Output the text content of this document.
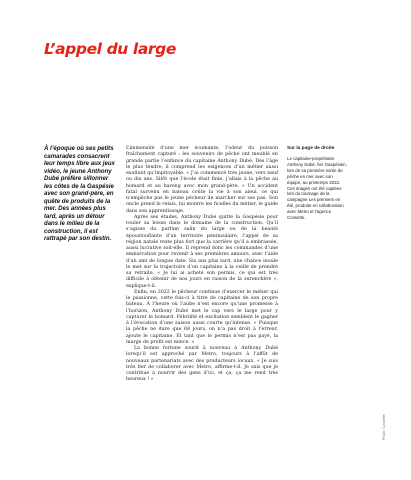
L’appel du large

À l’époque où ses petits camarades consacrent leur temps libre aux jeux vidéo, le jeune Anthony Dubé préfère sillonner les côtes de la Gaspésie avec son grand-père, en quête de produits de la mer. Des années plus tard, après un détour dans le milieu de la construction, il est rattrapé par son destin.

L’immensité d’une mer écumante, l’odeur du poisson fraîchement capturé : les souvenirs de pêche ont meublé en grande partie l’enfance du capitaine Anthony Dubé. Dès l’âge le plus tendre, il comprend les exigences d’un métier aussi exaltant qu’impitoyable. « J’ai commencé très jeune, vers neuf ou dix ans. Sitôt que l’école était finie, j’allais à la pêche au homard et au hareng avec mon grand-père. » Un accident fatal survenu en bateau coûte la vie à son aïeul, ce qui n’empêche pas le jeune pêcheur de marcher sur ses pas. Son oncle prend le relais, lui montre les ficelles du métier, le guide dans son apprentissage.

Après ses études, Anthony Dubé quitte la Gaspésie pour rouler sa bosse dans le domaine de la construction. Qu’il s’agisse du parfum salin du large ou de la beauté époustouflante d’un territoire péninsulaire, l’appel de sa région natale reste plus fort que la carrière qu’il a embrassée, aussi lucrative soit-elle. Il reprend donc les commandes d’une embarcation pour revenir à ses premières amours, avec l’aide d’un ami de longue date. Six ans plus tard, une chance inouïe le met sur la trajectoire d’un capitaine à la veille de prendre sa retraite. « Je lui ai acheté son permis, ce qui est très difficile à obtenir de nos jours en raison de la surenchère », explique-t-il.

Enfin, en 2022 le pêcheur continue d’exercer le métier qui le passionne, cette fois-ci à titre de capitaine de son propre bateau. À l’heure où l’aube n’est encore qu’une promesse à l’horizon, Anthony Dubé met le cap vers le large pour y capturer le homard. Fébrilité et excitation semblent le gagner à l’évocation d’une saison aussi courte qu’intense. « Puisque la pêche ne dure que 68 jours, on n’a pas droit à l’erreur, ajoute le capitaine. Et tant que le permis n’est pas payé, la marge de profit est mince. »

La bonne fortune sourit à nouveau à Anthony Dubé lorsqu’il est approché par Metro, toujours à l’affût de nouveaux partenariats avec des producteurs locaux. « Je suis très fier de collaborer avec Metro, affirme-t-il. Je sais que je contribue à nourrir des gens d’ici, et ça, ça me rend très heureux ! »

Sur la page de droite

Le capitaine-propriétaire Anthony Dubé, fier Gaspésien, lors de sa première sortie de pêche en mer avec son équipe, au printemps 2022. Ces images ont été captées lors du tournage de la campagne Les premiers en été, produite en collaboration avec Metro et l’agence Cossette.

Photo: Cossette
